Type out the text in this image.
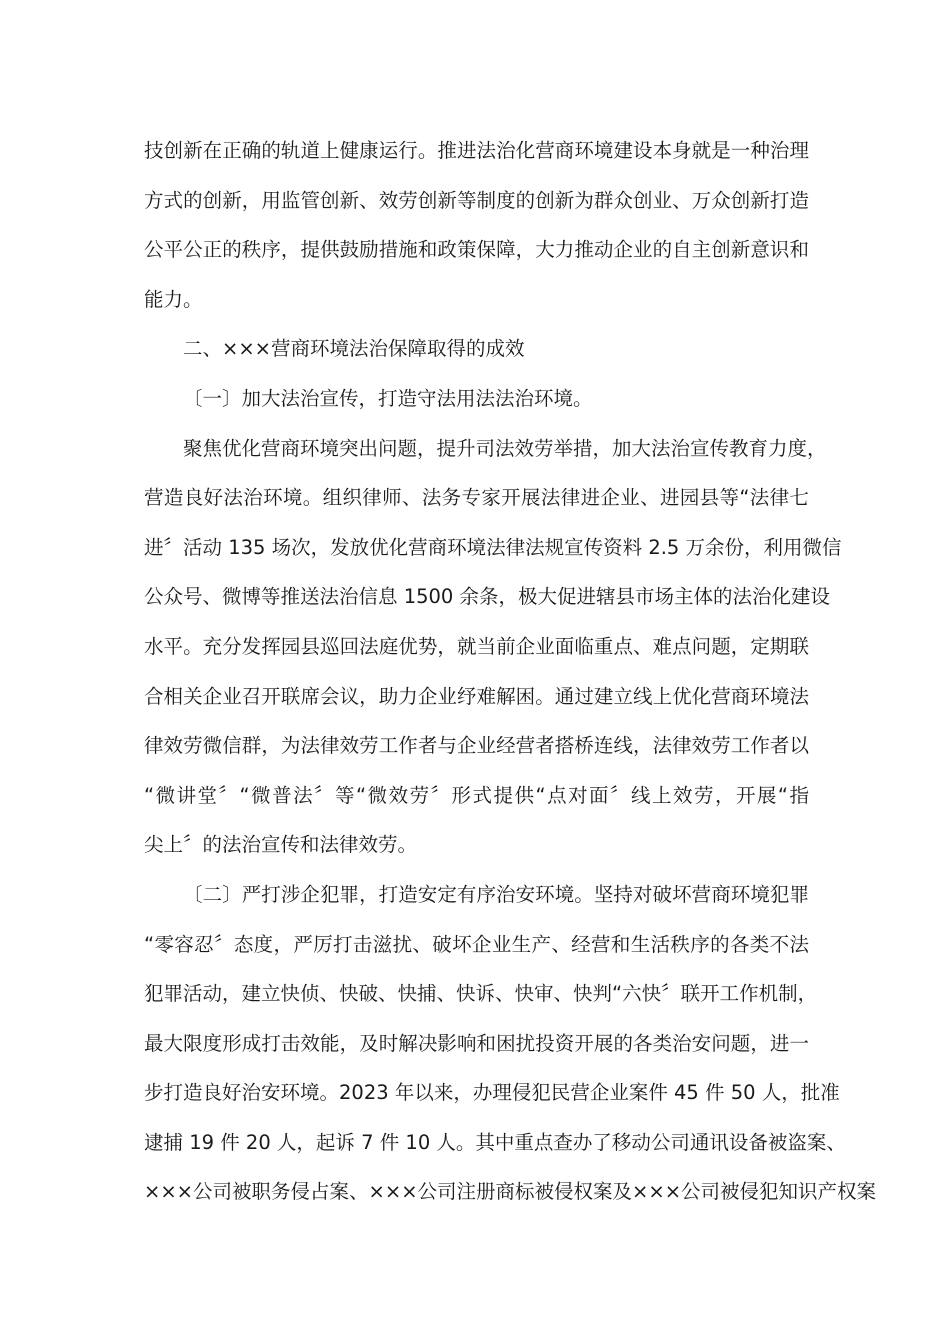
技创新在正确的轨道上健康运行。推进法治化营商环境建设本身就是一种治理
方式的创新，用监管创新、效劳创新等制度的创新为群众创业、万众创新打造
公平公正的秩序，提供鼓励措施和政策保障，大力推动企业的自主创新意识和
能力。

二、×××营商环境法治保障取得的成效

〔一〕加大法治宣传，打造守法用法法治环境。

聚焦优化营商环境突出问题，提升司法效劳举措，加大法治宣传教育力度，
营造良好法治环境。组织律师、法务专家开展法律进企业、进园县等“法律七
进〞活动 135 场次，发放优化营商环境法律法规宣传资料 2.5 万余份，利用微信
公众号、微博等推送法治信息 1500 余条，极大促进辖县市场主体的法治化建设
水平。充分发挥园县巡回法庭优势，就当前企业面临重点、难点问题，定期联
合相关企业召开联席会议，助力企业纾难解困。通过建立线上优化营商环境法
律效劳微信群，为法律效劳工作者与企业经营者搭桥连线，法律效劳工作者以
“微讲堂〞“微普法〞等“微效劳〞形式提供“点对面〞线上效劳，开展“指
尖上〞的法治宣传和法律效劳。

〔二〕严打涉企犯罪，打造安定有序治安环境。坚持对破坏营商环境犯罪
“零容忍〞态度，严厉打击滋扰、破坏企业生产、经营和生活秩序的各类不法
犯罪活动，建立快侦、快破、快捕、快诉、快审、快判“六快〞联开工作机制，
最大限度形成打击效能，及时解决影响和困扰投资开展的各类治安问题，进一
步打造良好治安环境。2023 年以来，办理侵犯民营企业案件 45 件 50 人，批准
逮捕 19 件 20 人，起诉 7 件 10 人。其中重点查办了移动公司通讯设备被盗案、
×××公司被职务侵占案、×××公司注册商标被侵权案及×××公司被侵犯知识产权案
